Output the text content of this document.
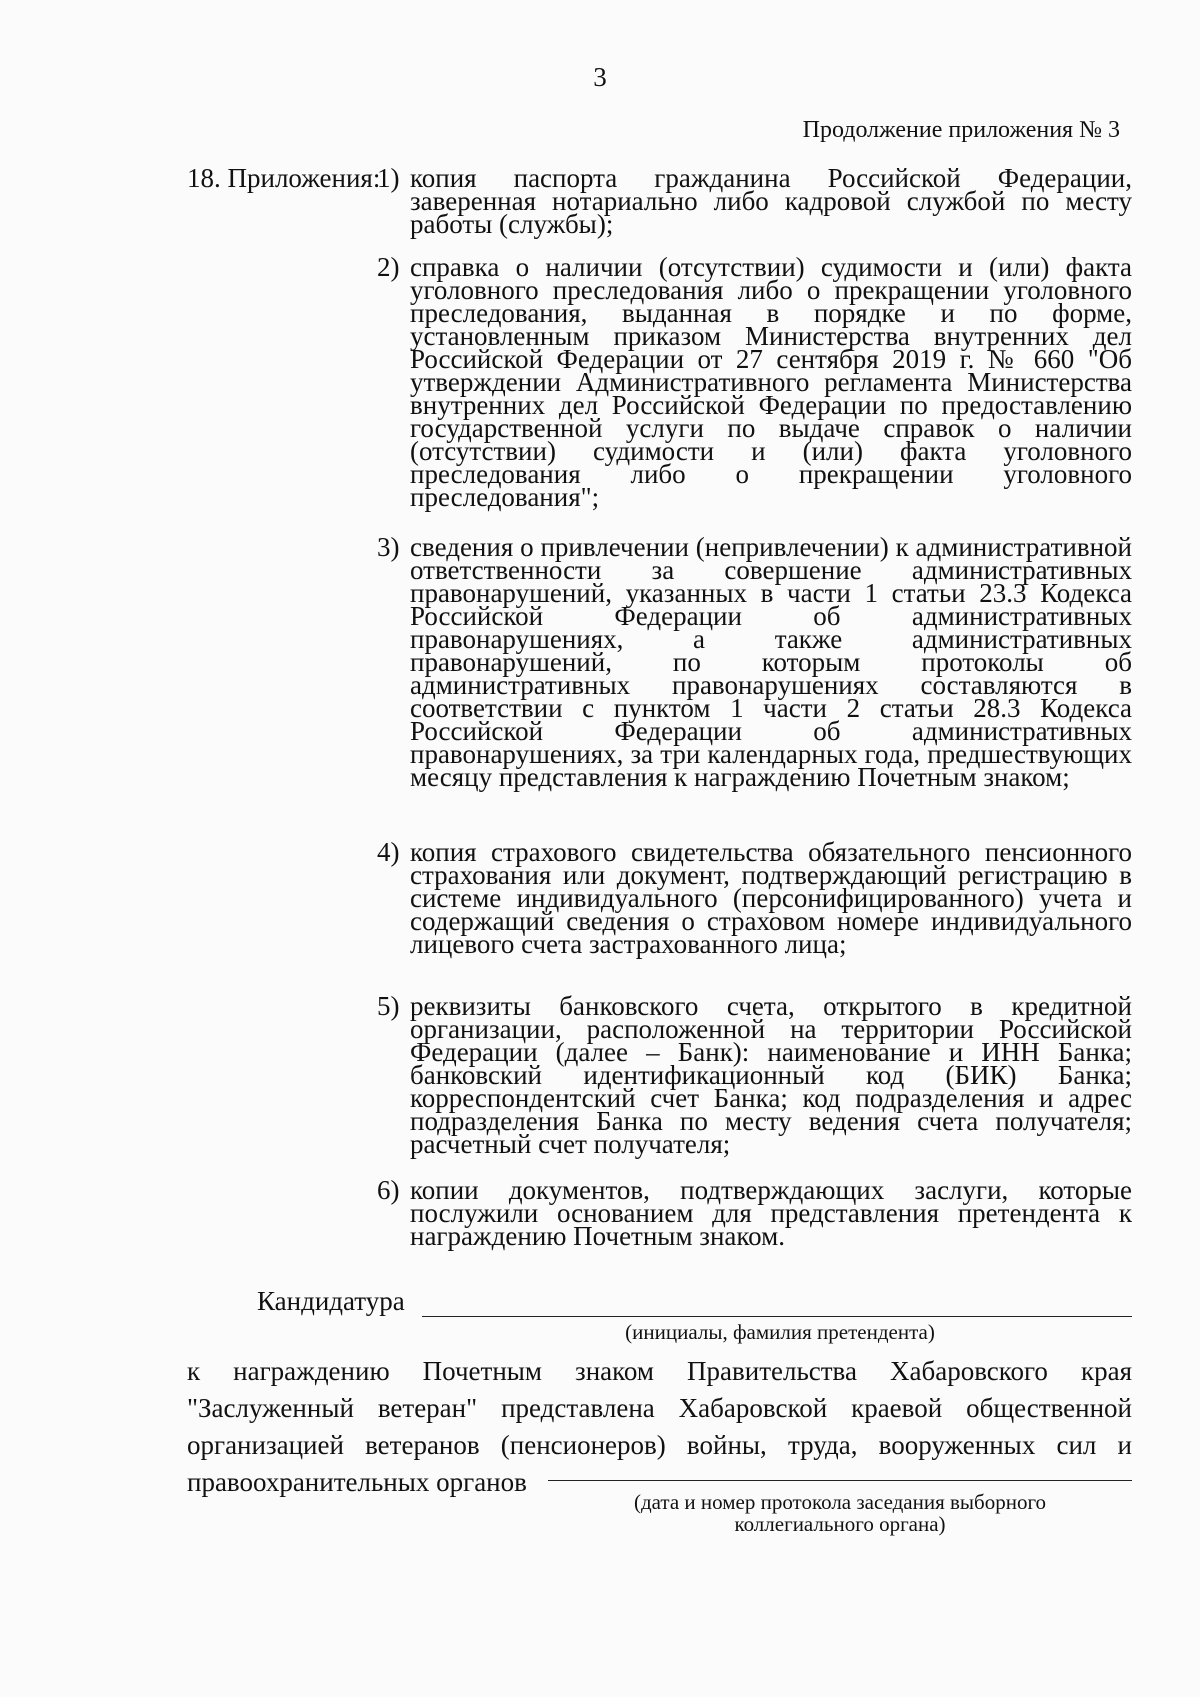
3
Продолжение приложения № 3
18. Приложения:
1) копия паспорта гражданина Российской Федерации, заверенная нотариально либо кадровой службой по месту работы (службы);

2) справка о наличии (отсутствии) судимости и (или) факта уголовного преследования либо о прекращении уголовного преследования, выданная в порядке и по форме, установленным приказом Министерства внутренних дел Российской Федерации от 27 сентября 2019 г. № 660 "Об утверждении Административного регламента Министерства внутренних дел Российской Федерации по предоставлению государственной услуги по выдаче справок о наличии (отсутствии) судимости и (или) факта уголовного преследования либо о прекращении уголовного преследования";

3) сведения о привлечении (непривлечении) к административной ответственности за совершение административных правонарушений, указанных в части 1 статьи 23.3 Кодекса Российской Федерации об административных правонарушениях, а также административных правонарушений, по которым протоколы об административных правонарушениях составляются в соответствии с пунктом 1 части 2 статьи 28.3 Кодекса Российской Федерации об административных правонарушениях, за три календарных года, предшествующих месяцу представления к награждению Почетным знаком;

4) копия страхового свидетельства обязательного пенсионного страхования или документ, подтверждающий регистрацию в системе индивидуального (персонифицированного) учета и содержащий сведения о страховом номере индивидуального лицевого счета застрахованного лица;

5) реквизиты банковского счета, открытого в кредитной организации, расположенной на территории Российской Федерации (далее – Банк): наименование и ИНН Банка; банковский идентификационный код (БИК) Банка; корреспондентский счет Банка; код подразделения и адрес подразделения Банка по месту ведения счета получателя; расчетный счет получателя;

6) копии документов, подтверждающих заслуги, которые послужили основанием для представления претендента к награждению Почетным знаком.

Кандидатура
(инициалы, фамилия претендента)

к награждению Почетным знаком Правительства Хабаровского края

"Заслуженный ветеран" представлена Хабаровской краевой общественной

организацией ветеранов (пенсионеров) войны, труда, вооруженных сил и

правоохранительных органов

(дата и номер протокола заседания выборного
коллегиального органа)
